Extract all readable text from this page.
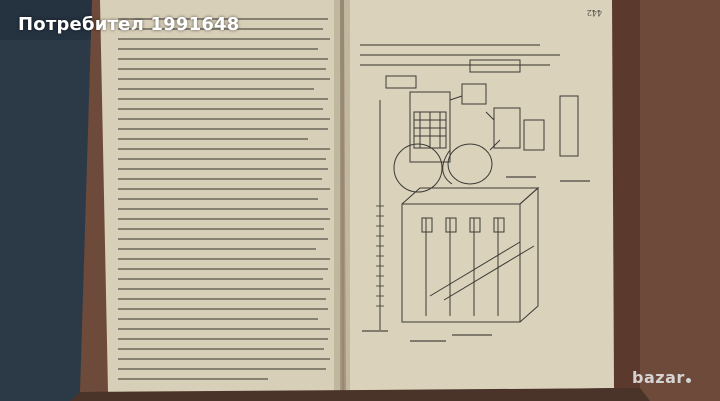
442
Потребител 1991648
bazar
